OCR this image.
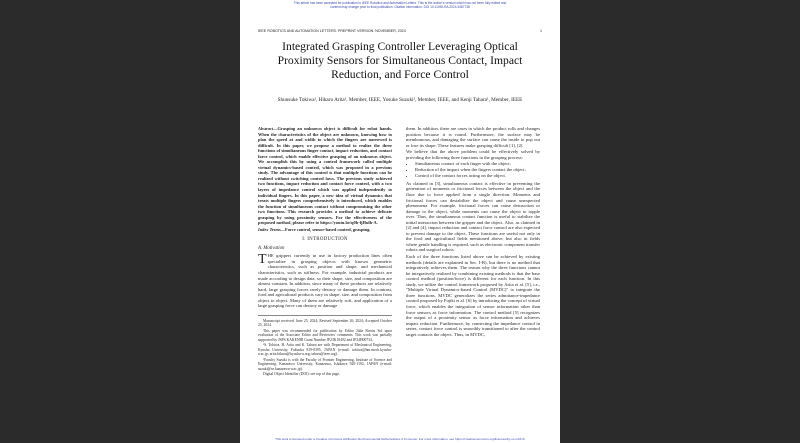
This article has been accepted for publication in IEEE Robotics and Automation Letters. This is the author's version which has not been fully edited and
content may change prior to final publication. Citation information: DOI 10.1109/LRA.2024.3487738
IEEE ROBOTICS AND AUTOMATION LETTERS. PREPRINT VERSION. NOVEMBER, 2024	1
Integrated Grasping Controller Leveraging Optical Proximity Sensors for Simultaneous Contact, Impact Reduction, and Force Control
Shunsuke Tokiwa¹, Hikaru Arita¹, Member, IEEE, Yosuke Suzuki², Member, IEEE, and Kenji Tahara¹, Member, IEEE

Abstract—Grasping an unknown object is difficult for robot hands. When the characteristics of the object are unknown, knowing how to plan the speed at and width to which the fingers are narrowed is difficult. In this paper, we propose a method to realize the three functions of simultaneous finger contact, impact reduction, and contact force control, which enable effective grasping of an unknown object. We accomplish this by using a control framework called multiple virtual dynamics-based control, which was proposed in a previous study. The advantage of this control is that multiple functions can be realized without switching control laws. The previous study achieved two functions, impact reduction and contact force control, with a two layers of impedance control which was applied independently to individual fingers. In this paper, a new idea of virtual dynamics that treats multiple fingers comprehensively is introduced, which enables the function of simultaneous contact without compromising the other two functions. This research provides a method to achieve delicate grasping by using proximity sensors. For the effectiveness of the proposed method, please refer to https://youtu.be/q0b-fjHulh-A.

Index Terms—Force control, sensor-based control, grasping.

I. INTRODUCTION
A. Motivation

THE grippers currently in use in factory production lines often specialize in grasping objects with known geometric characteristics, such as position and shape, and mechanical characteristics, such as stiffness. For example, industrial products are made according to design data, so their shape, size, and composition are almost constant. In addition, since many of these products are relatively hard, large grasping forces rarely destroy or damage them. In contrast, food and agricultural products vary in shape, size, and composition from object to object. Many of them are relatively soft, and application of a large grasping force can destroy or damage

Manuscript received: June 25, 2024; Revised September 26, 2024; Accepted October 25, 2024.

This paper was recommended for publication by Editor Júlia Borràs Sol upon evaluation of the Associate Editor and Reviewers' comments. This work was partially supported by JSPS KAKENHI Grant Number JP23K18492 and JP24H00734.

¹S. Tokiwa, H. Arita and K. Tahara are with Department of Mechanical Engineering, Kyushu University, Fukuoka 819-0395, JAPAN (e-mail: tokiwa@hm.mech.kyushu-u.ac.jp; arita.hikaru@kyushu-u.org; tahara@ieee.org).

²Faculty Suzuki is with the Faculty of Frontier Engineering, Institute of Science and Engineering, Kanazawa University, Kanazawa, Ishikawa 920-1192, JAPAN (e-mail: suzuki@se.kanazawa-u.ac.jp).

Digital Object Identifier (DOI): see top of this page.

them. In addition, there are cases in which the product rolls and changes position because it is round. Furthermore, the surface may be membranous, and damaging the surface can cause the inside to pop out or lose its shape. These features make grasping difficult [1], [2].

We believe that the above problem could be effectively solved by providing the following three functions in the grasping process:

• Simultaneous contact of each finger with the object;
• Reduction of the impact when the fingers contact the object;
• Control of the contact forces acting on the object.

As claimed in [3], simultaneous contact is effective in preventing the generation of moments or frictional forces between the object and the floor due to force applied from a single direction. Moments and frictional forces can destabilize the object and cause unexpected phenomena. For example, frictional forces can cause destruction or damage to the object, while moments can cause the object to topple over. Thus, the simultaneous contact function is useful to stabilize the initial interaction between the gripper and the object. Also, as claimed in [2] and [4], impact reduction and contact force control are also expected to prevent damage to the object. These functions are useful not only in the food and agricultural fields mentioned above, but also in fields where gentle handling is required, such as electronic component transfer robots and surgical robots.

Each of the three functions listed above can be achieved by existing methods (details are explained in Sec. I-B), but there is no method that integratively achieves them. The reason why the three functions cannot be integratively realized by combining existing methods is that the base control method (position/force) is different for each function. In this study, we utilize the control framework proposed by Arita et al. [5], i.e., "Multiple Virtual Dynamics-based Control (MVDC)" to integrate the three functions. MVDC generalizes the series admittance-impedance control proposed by Fujiki et al. [6] by introducing the concept of virtual force, which enables the integration of sensor information other than force sensors as force information. The control method [5] recognizes the output of a proximity sensor as force information and achieves impact reduction. Furthermore, by connecting the impedance control in series, contact force control is smoothly transitioned to after the control target contacts the object. Thus, in MVDC,

This work is licensed under a Creative Commons Attribution-NonCommercial-NoDerivatives 4.0 License. For more information, see https://creativecommons.org/licenses/by-nc-nd/4.0/
